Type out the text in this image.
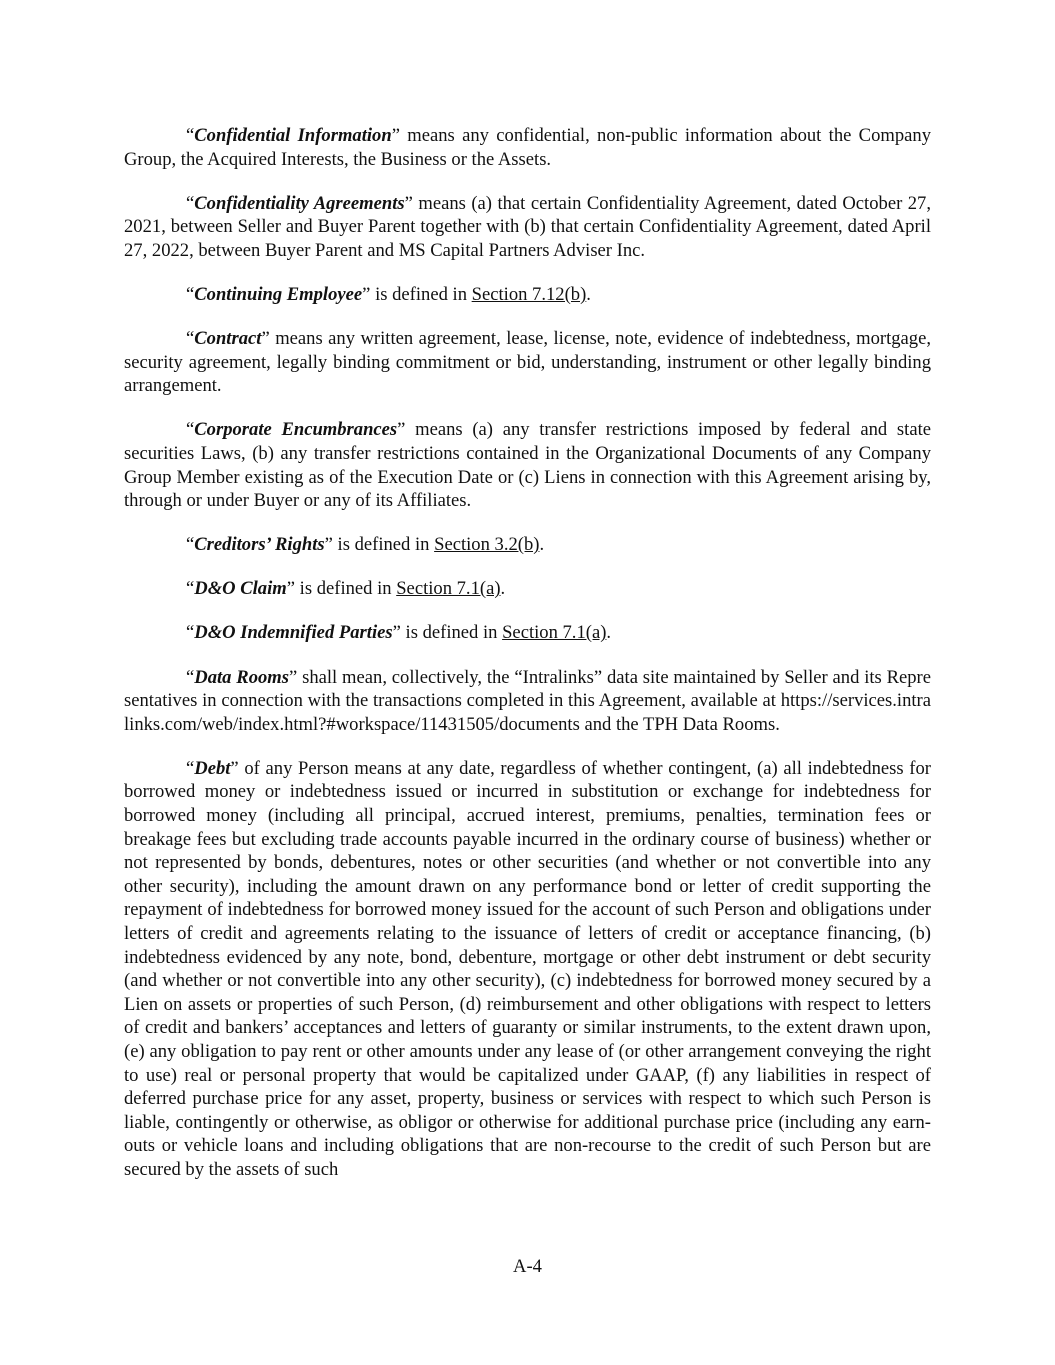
“Confidential Information” means any confidential, non-public information about the Company Group, the Acquired Interests, the Business or the Assets.

“Confidentiality Agreements” means (a) that certain Confidentiality Agreement, dated October 27, 2021, between Seller and Buyer Parent together with (b) that certain Confidentiality Agreement, dated April 27, 2022, between Buyer Parent and MS Capital Partners Adviser Inc.

“Continuing Employee” is defined in Section 7.12(b).

“Contract” means any written agreement, lease, license, note, evidence of indebtedness, mortgage, security agreement, legally binding commitment or bid, understanding, instrument or other legally binding arrangement.

“Corporate Encumbrances” means (a) any transfer restrictions imposed by federal and state securities Laws, (b) any transfer restrictions contained in the Organizational Documents of any Company Group Member existing as of the Execution Date or (c) Liens in connection with this Agreement arising by, through or under Buyer or any of its Affiliates.

“Creditors’ Rights” is defined in Section 3.2(b).

“D&O Claim” is defined in Section 7.1(a).

“D&O Indemnified Parties” is defined in Section 7.1(a).

“Data Rooms” shall mean, collectively, the “Intralinks” data site maintained by Seller and its Representatives in connection with the transactions completed in this Agreement, available at https://services.intralinks.com/web/index.html?#workspace/11431505/documents and the TPH Data Rooms.

“Debt” of any Person means at any date, regardless of whether contingent, (a) all indebtedness for borrowed money or indebtedness issued or incurred in substitution or exchange for indebtedness for borrowed money (including all principal, accrued interest, premiums, penalties, termination fees or breakage fees but excluding trade accounts payable incurred in the ordinary course of business) whether or not represented by bonds, debentures, notes or other securities (and whether or not convertible into any other security), including the amount drawn on any performance bond or letter of credit supporting the repayment of indebtedness for borrowed money issued for the account of such Person and obligations under letters of credit and agreements relating to the issuance of letters of credit or acceptance financing, (b) indebtedness evidenced by any note, bond, debenture, mortgage or other debt instrument or debt security (and whether or not convertible into any other security), (c) indebtedness for borrowed money secured by a Lien on assets or properties of such Person, (d) reimbursement and other obligations with respect to letters of credit and bankers’ acceptances and letters of guaranty or similar instruments, to the extent drawn upon, (e) any obligation to pay rent or other amounts under any lease of (or other arrangement conveying the right to use) real or personal property that would be capitalized under GAAP, (f) any liabilities in respect of deferred purchase price for any asset, property, business or services with respect to which such Person is liable, contingently or otherwise, as obligor or otherwise for additional purchase price (including any earn-outs or vehicle loans and including obligations that are non-recourse to the credit of such Person but are secured by the assets of such

A-4
